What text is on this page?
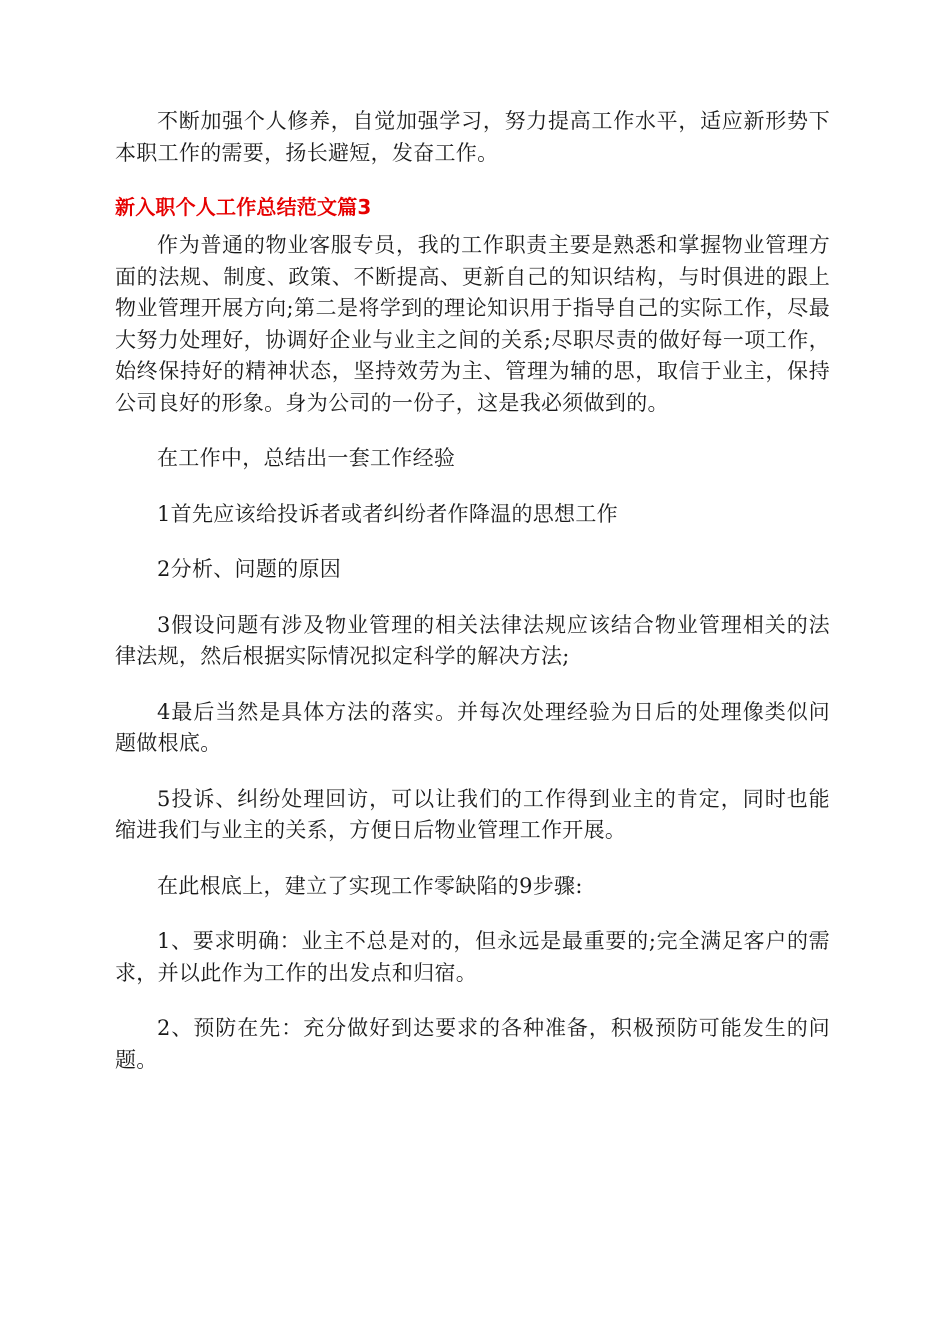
不断加强个人修养，自觉加强学习，努力提高工作水平，适应新形势下本职工作的需要，扬长避短，发奋工作。

新入职个人工作总结范文篇3

作为普通的物业客服专员，我的工作职责主要是熟悉和掌握物业管理方面的法规、制度、政策、不断提高、更新自己的知识结构，与时俱进的跟上物业管理开展方向;第二是将学到的理论知识用于指导自己的实际工作，尽最大努力处理好，协调好企业与业主之间的关系;尽职尽责的做好每一项工作，始终保持好的精神状态，坚持效劳为主、管理为辅的思，取信于业主，保持公司良好的形象。身为公司的一份子，这是我必须做到的。

在工作中，总结出一套工作经验

1首先应该给投诉者或者纠纷者作降温的思想工作

2分析、问题的原因

3假设问题有涉及物业管理的相关法律法规应该结合物业管理相关的法律法规，然后根据实际情况拟定科学的解决方法;

4最后当然是具体方法的落实。并每次处理经验为日后的处理像类似问题做根底。

5投诉、纠纷处理回访，可以让我们的工作得到业主的肯定，同时也能缩进我们与业主的关系，方便日后物业管理工作开展。

在此根底上，建立了实现工作零缺陷的9步骤:

1、要求明确：业主不总是对的，但永远是最重要的;完全满足客户的需求，并以此作为工作的出发点和归宿。

2、预防在先：充分做好到达要求的各种准备，积极预防可能发生的问题。
